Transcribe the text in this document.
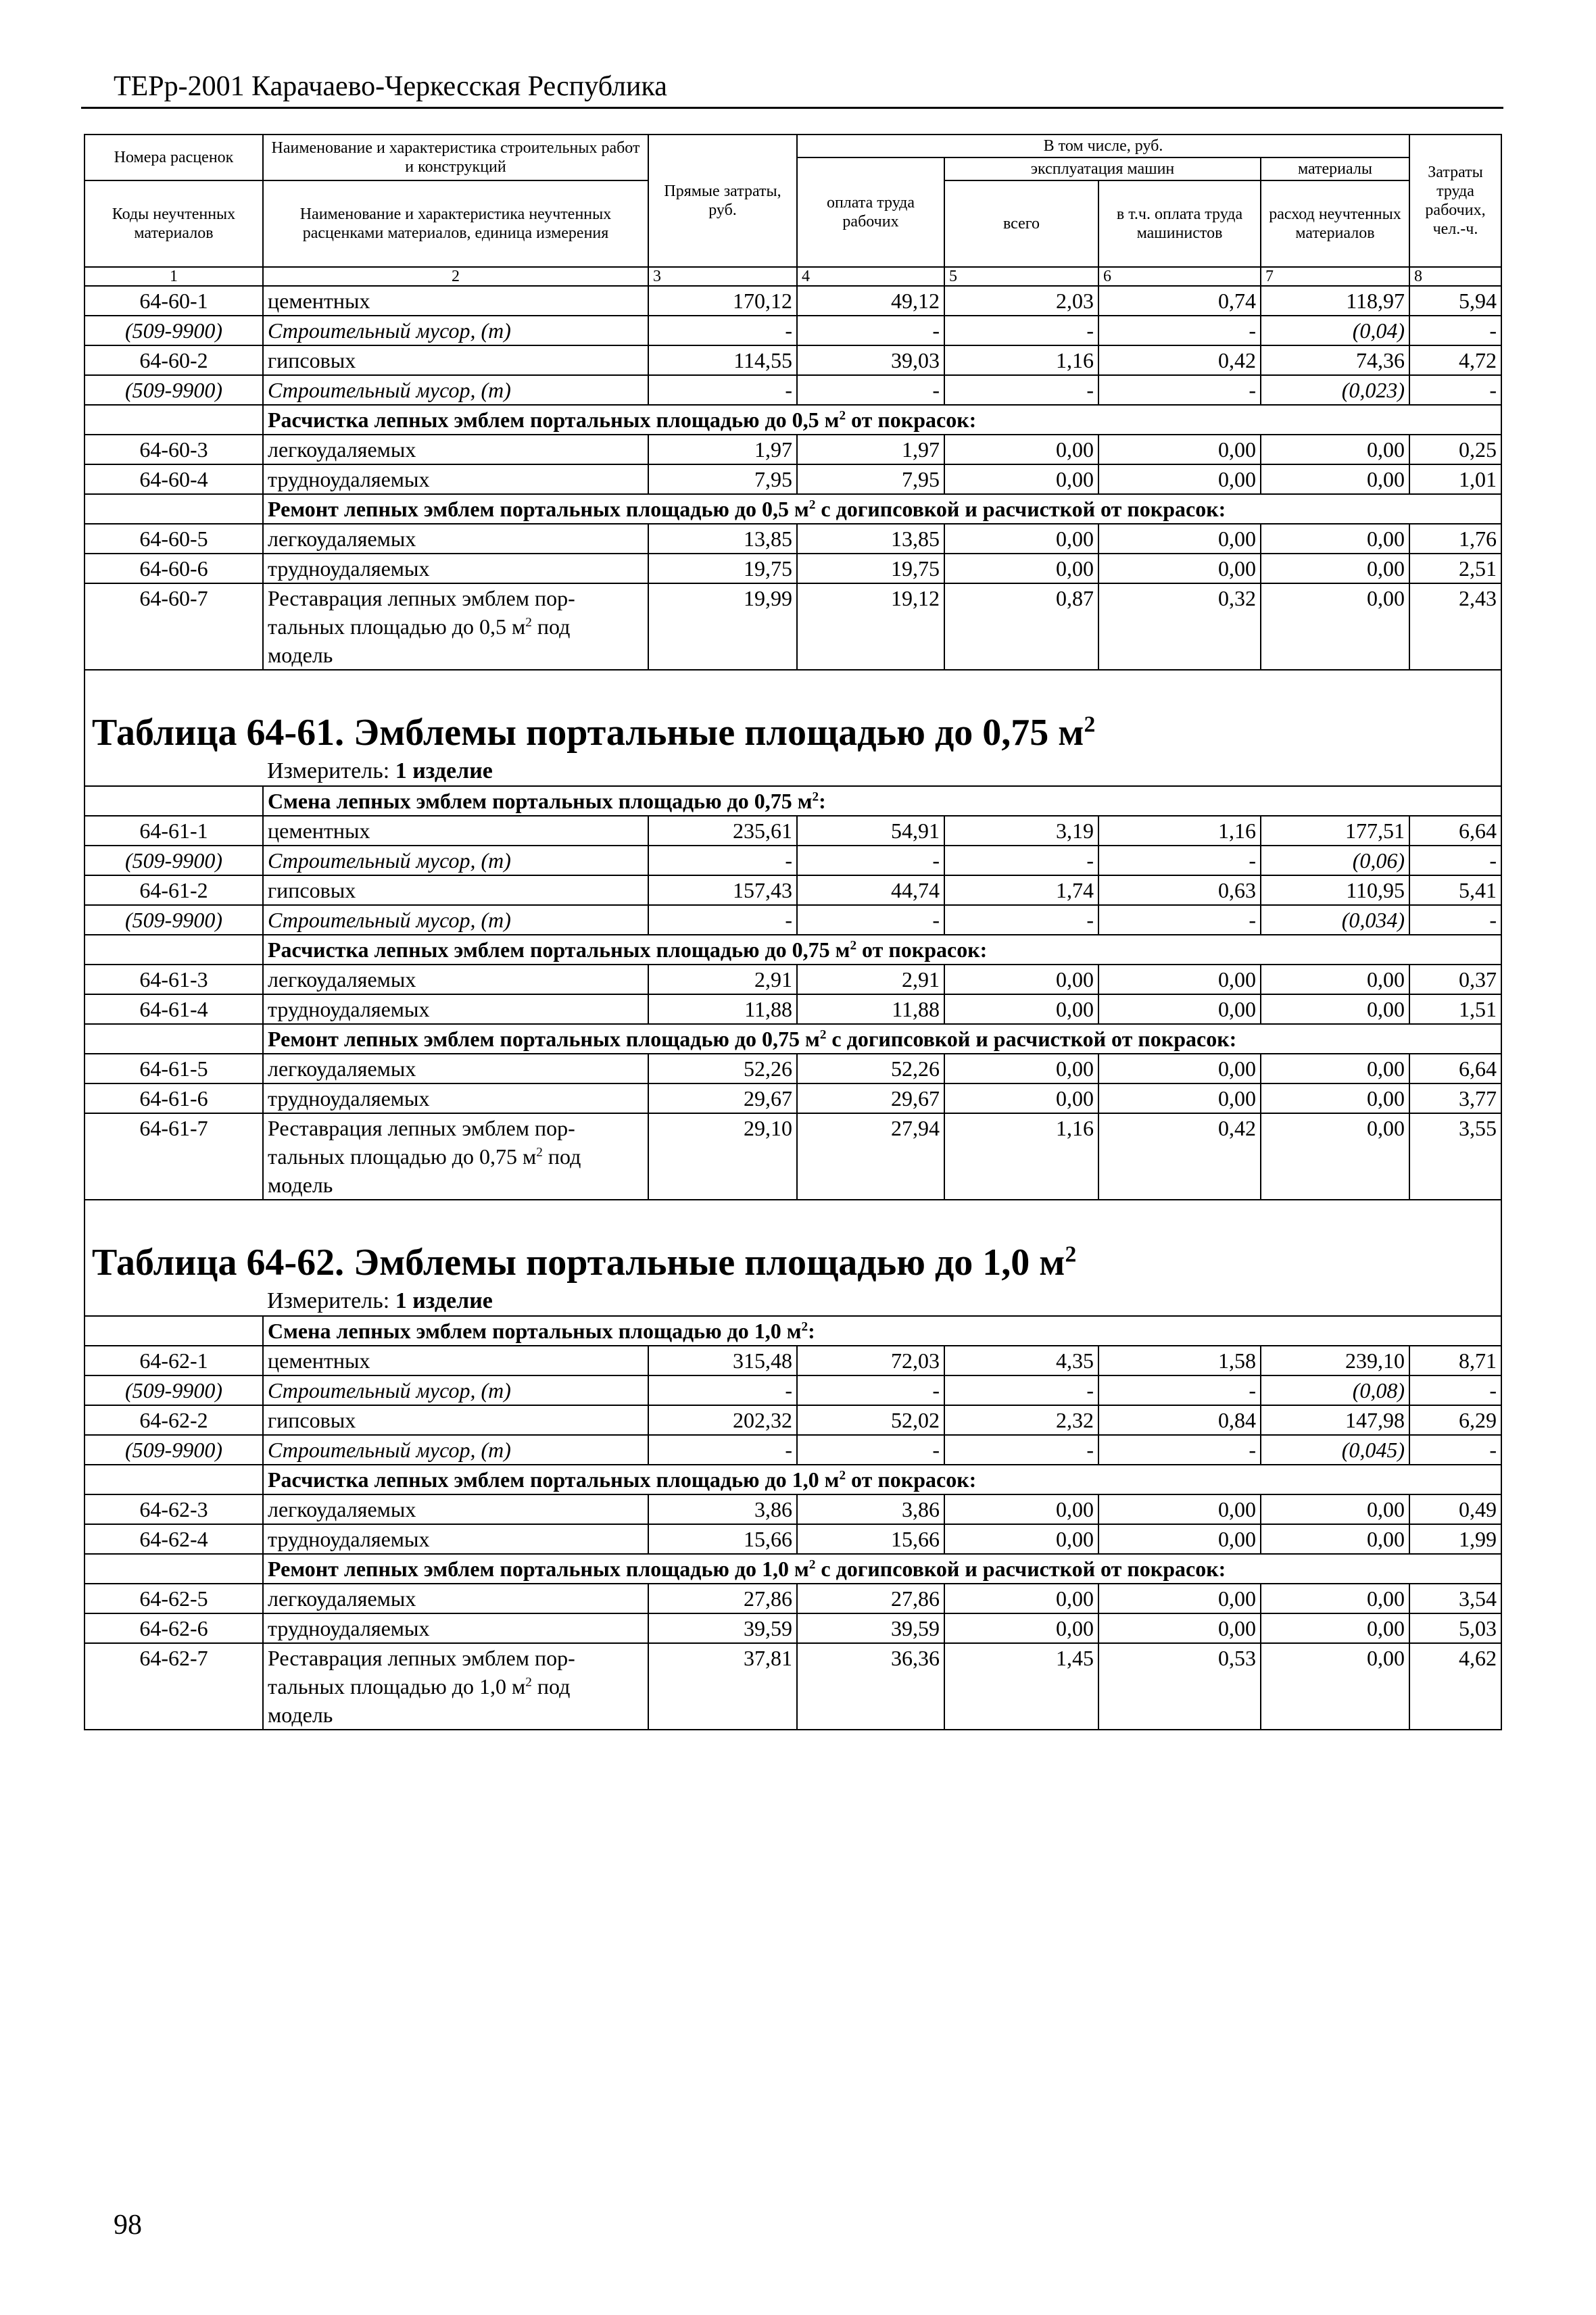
ТЕРр-2001 Карачаево-Черкесская Республика
Номера расценок	Наименование и характеристика строительных работ и конструкций	Прямые затраты, руб.	В том числе, руб.				Затраты труда рабочих, чел.-ч.
			оплата труда рабочих	эксплуатация машин		материалы	
Коды неучтенных материалов	Наименование и характеристика неучтенных расценками материалов, единица измерения			всего	в т.ч. оплата труда машинистов	расход неучтенных материалов	

1	2	3	4	5	6	7	8
64-60-1	цементных	170,12	49,12	2,03	0,74	118,97	5,94
(509-9900)	Строительный мусор, (т)	-	-	-	-	(0,04)	-
64-60-2	гипсовых	114,55	39,03	1,16	0,42	74,36	4,72
(509-9900)	Строительный мусор, (т)	-	-	-	-	(0,023)	-
	Расчистка лепных эмблем портальных площадью до 0,5 $м^2$ от покрасок:						
64-60-3	легкоудаляемых	1,97	1,97	0,00	0,00	0,00	0,25
64-60-4	трудноудаляемых	7,95	7,95	0,00	0,00	0,00	1,01
	Ремонт лепных эмблем портальных площадью до 0,5 $м^2$ с догипсовкой и расчисткой от покрасок:						
64-60-5	легкоудаляемых	13,85	13,85	0,00	0,00	0,00	1,76
64-60-6	трудноудаляемых	19,75	19,75	0,00	0,00	0,00	2,51
64-60-7	Реставрация лепных эмблем пор-
тальных площадью до 0,5 $м^2$ под
модель	19,99	19,12	0,87	0,32	0,00	2,43
Таблица 64-61. Эмблемы портальные площадью до 0,75 $м^2$
	Измеритель: 1 изделие						
	Смена лепных эмблем портальных площадью до 0,75 $м^2$:						
64-61-1	цементных	235,61	54,91	3,19	1,16	177,51	6,64
(509-9900)	Строительный мусор, (т)	-	-	-	-	(0,06)	-
64-61-2	гипсовых	157,43	44,74	1,74	0,63	110,95	5,41
(509-9900)	Строительный мусор, (т)	-	-	-	-	(0,034)	-
	Расчистка лепных эмблем портальных площадью до 0,75 $м^2$ от покрасок:						
64-61-3	легкоудаляемых	2,91	2,91	0,00	0,00	0,00	0,37
64-61-4	трудноудаляемых	11,88	11,88	0,00	0,00	0,00	1,51
	Ремонт лепных эмблем портальных площадью до 0,75 $м^2$ с догипсовкой и расчисткой от покрасок:						
64-61-5	легкоудаляемых	52,26	52,26	0,00	0,00	0,00	6,64
64-61-6	трудноудаляемых	29,67	29,67	0,00	0,00	0,00	3,77
64-61-7	Реставрация лепных эмблем пор-
тальных площадью до 0,75 $м^2$ под
модель	29,10	27,94	1,16	0,42	0,00	3,55
Таблица 64-62. Эмблемы портальные площадью до 1,0 $м^2$
	Измеритель: 1 изделие						
	Смена лепных эмблем портальных площадью до 1,0 $м^2$:						
64-62-1	цементных	315,48	72,03	4,35	1,58	239,10	8,71
(509-9900)	Строительный мусор, (т)	-	-	-	-	(0,08)	-
64-62-2	гипсовых	202,32	52,02	2,32	0,84	147,98	6,29
(509-9900)	Строительный мусор, (т)	-	-	-	-	(0,045)	-
	Расчистка лепных эмблем портальных площадью до 1,0 $м^2$ от покрасок:						
64-62-3	легкоудаляемых	3,86	3,86	0,00	0,00	0,00	0,49
64-62-4	трудноудаляемых	15,66	15,66	0,00	0,00	0,00	1,99
	Ремонт лепных эмблем портальных площадью до 1,0 $м^2$ с догипсовкой и расчисткой от покрасок:						
64-62-5	легкоудаляемых	27,86	27,86	0,00	0,00	0,00	3,54
64-62-6	трудноудаляемых	39,59	39,59	0,00	0,00	0,00	5,03
64-62-7	Реставрация лепных эмблем пор-
тальных площадью до 1,0 $м^2$ под
модель	37,81	36,36	1,45	0,53	0,00	4,62
98
